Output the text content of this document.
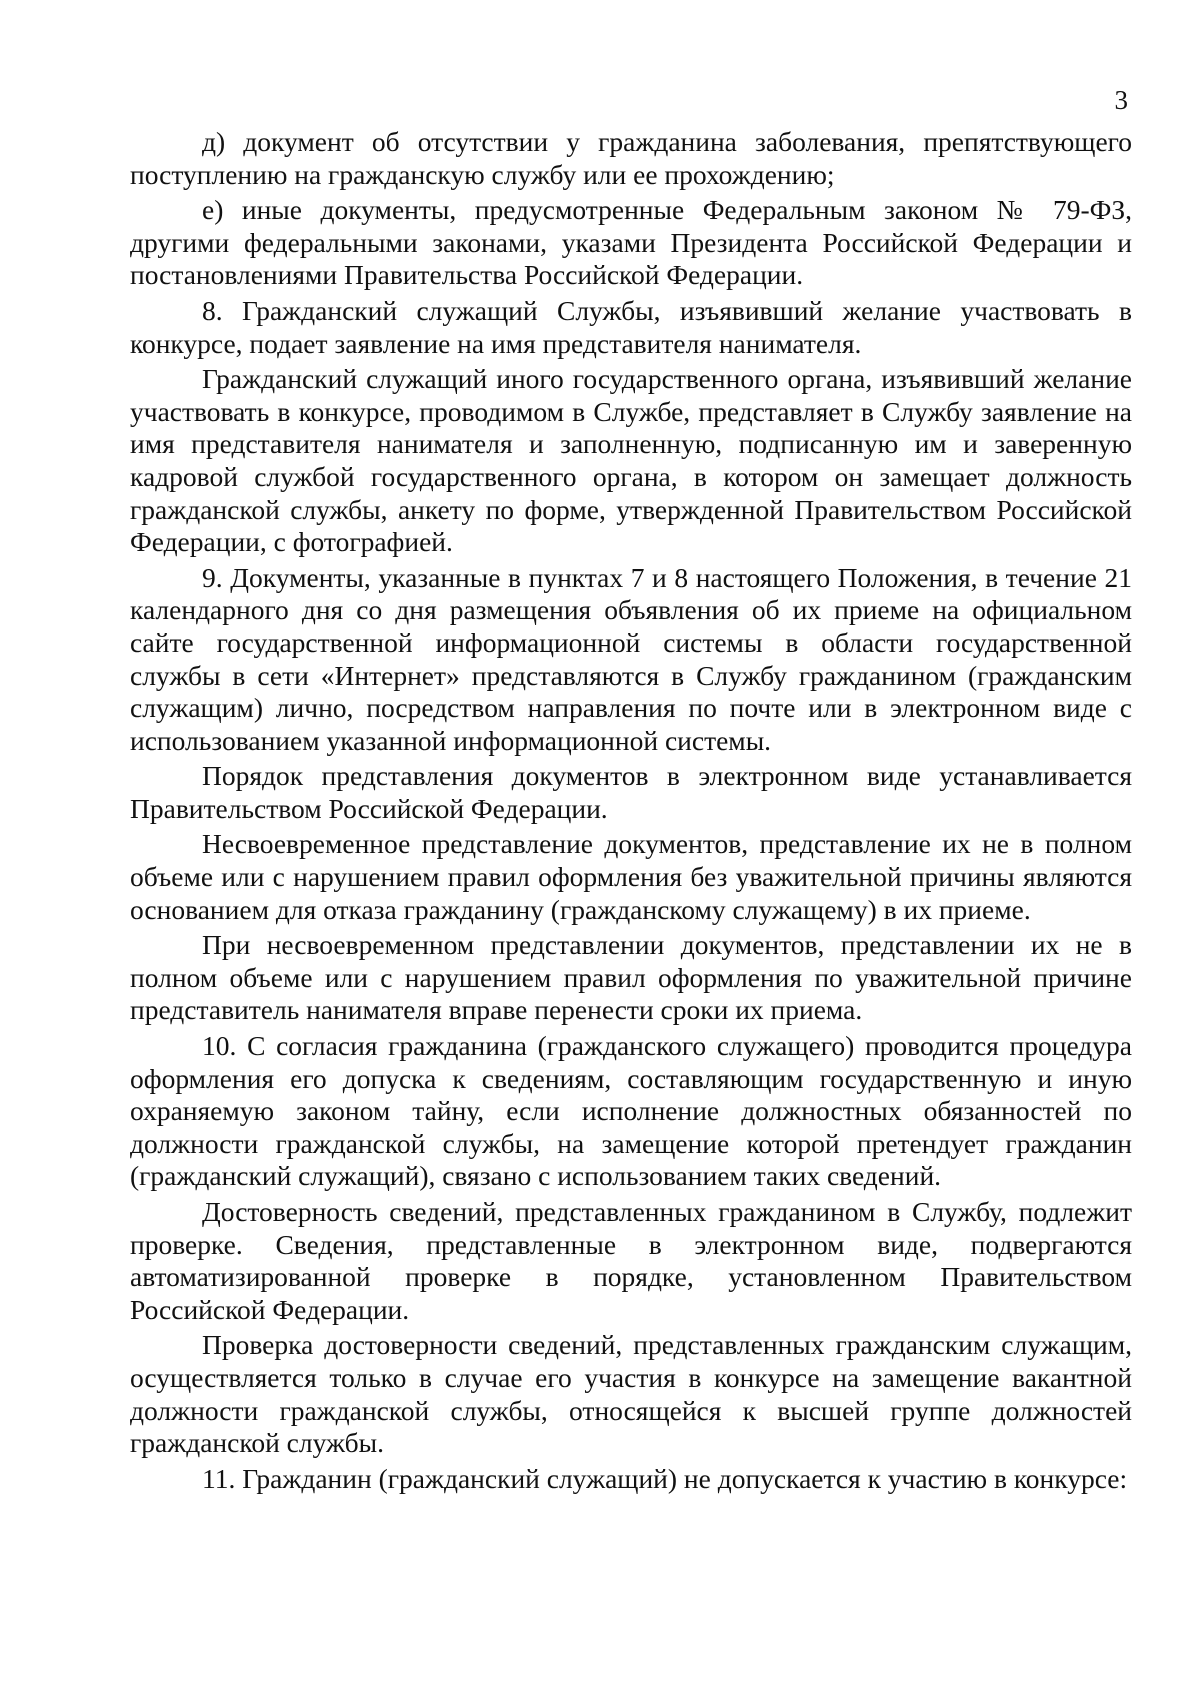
3

д) документ об отсутствии у гражданина заболевания, препятствующего поступлению на гражданскую службу или ее прохождению;

е) иные документы, предусмотренные Федеральным законом № 79-ФЗ, другими федеральными законами, указами Президента Российской Федерации и постановлениями Правительства Российской Федерации.

8. Гражданский служащий Службы, изъявивший желание участвовать в конкурсе, подает заявление на имя представителя нанимателя.

Гражданский служащий иного государственного органа, изъявивший желание участвовать в конкурсе, проводимом в Службе, представляет в Службу заявление на имя представителя нанимателя и заполненную, подписанную им и заверенную кадровой службой государственного органа, в котором он замещает должность гражданской службы, анкету по форме, утвержденной Правительством Российской Федерации, с фотографией.

9. Документы, указанные в пунктах 7 и 8 настоящего Положения, в течение 21 календарного дня со дня размещения объявления об их приеме на официальном сайте государственной информационной системы в области государственной службы в сети «Интернет» представляются в Службу гражданином (гражданским служащим) лично, посредством направления по почте или в электронном виде с использованием указанной информационной системы.

Порядок представления документов в электронном виде устанавливается Правительством Российской Федерации.

Несвоевременное представление документов, представление их не в полном объеме или с нарушением правил оформления без уважительной причины являются основанием для отказа гражданину (гражданскому служащему) в их приеме.

При несвоевременном представлении документов, представлении их не в полном объеме или с нарушением правил оформления по уважительной причине представитель нанимателя вправе перенести сроки их приема.

10. С согласия гражданина (гражданского служащего) проводится процедура оформления его допуска к сведениям, составляющим государственную и иную охраняемую законом тайну, если исполнение должностных обязанностей по должности гражданской службы, на замещение которой претендует гражданин (гражданский служащий), связано с использованием таких сведений.

Достоверность сведений, представленных гражданином в Службу, подлежит проверке. Сведения, представленные в электронном виде, подвергаются автоматизированной проверке в порядке, установленном Правительством Российской Федерации.

Проверка достоверности сведений, представленных гражданским служащим, осуществляется только в случае его участия в конкурсе на замещение вакантной должности гражданской службы, относящейся к высшей группе должностей гражданской службы.

11. Гражданин (гражданский служащий) не допускается к участию в конкурсе:
